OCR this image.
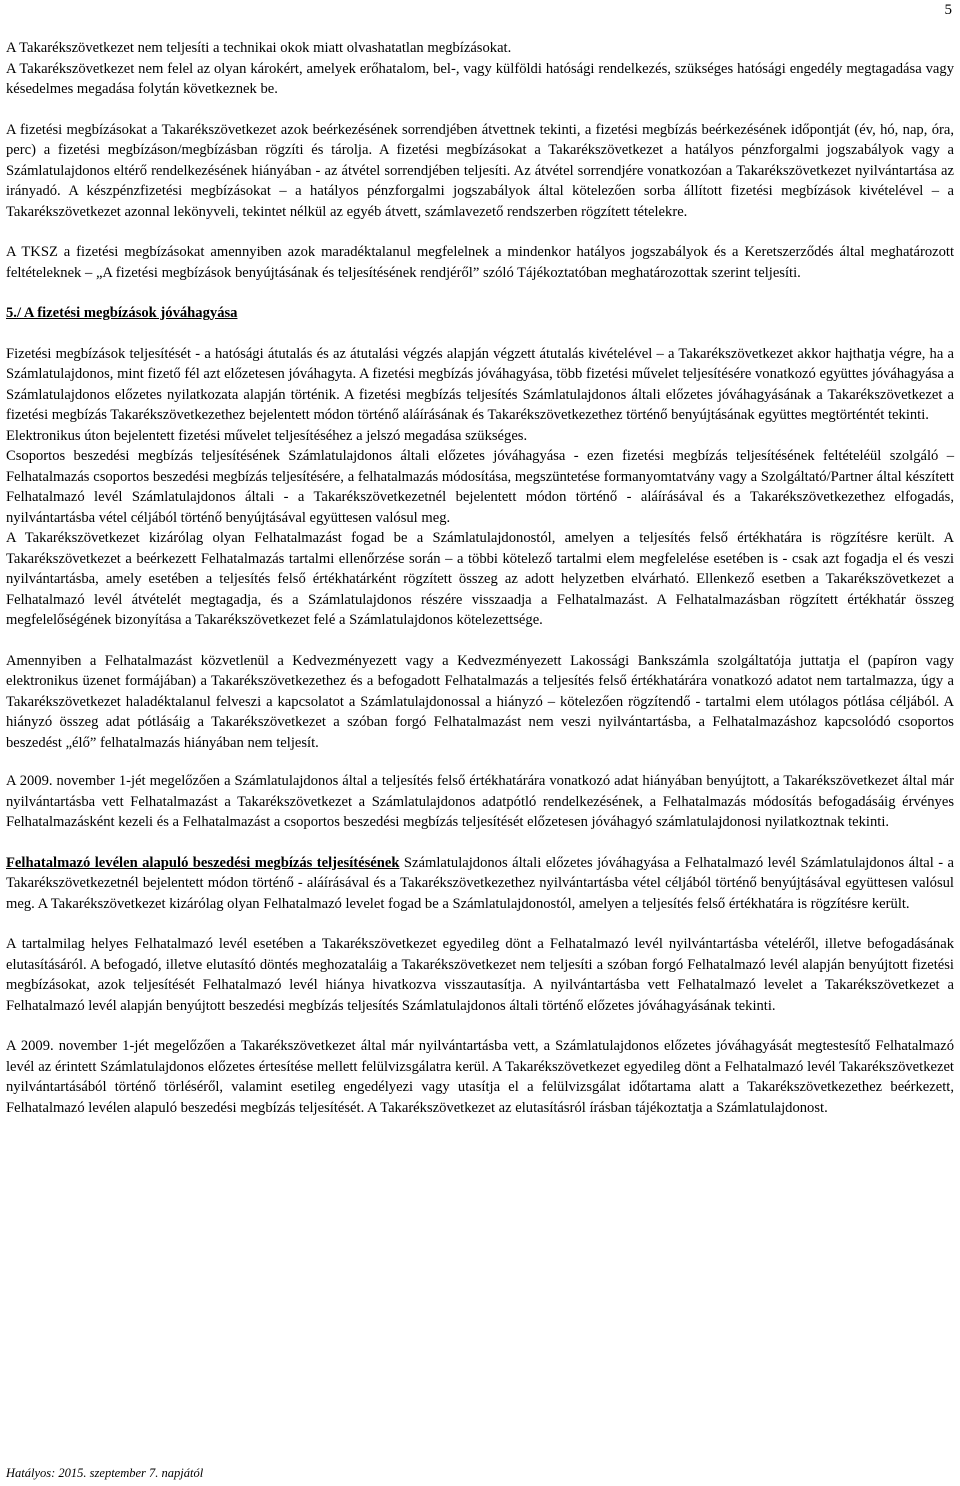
5

A Takarékszövetkezet nem teljesíti a technikai okok miatt olvashatatlan megbízásokat.

A Takarékszövetkezet nem felel az olyan károkért, amelyek erőhatalom, bel-, vagy külföldi hatósági rendelkezés, szükséges hatósági engedély megtagadása vagy késedelmes megadása folytán következnek be.

A fizetési megbízásokat a Takarékszövetkezet azok beérkezésének sorrendjében átvettnek tekinti, a fizetési megbízás beérkezésének időpontját (év, hó, nap, óra, perc) a fizetési megbízáson/megbízásban rögzíti és tárolja. A fizetési megbízásokat a Takarékszövetkezet a hatályos pénzforgalmi jogszabályok vagy a Számlatulajdonos eltérő rendelkezésének hiányában - az átvétel sorrendjében teljesíti. Az átvétel sorrendjére vonatkozóan a Takarékszövetkezet nyilvántartása az irányadó. A készpénzfizetési megbízásokat – a hatályos pénzforgalmi jogszabályok által kötelezően sorba állított fizetési megbízások kivételével – a Takarékszövetkezet azonnal lekönyveli, tekintet nélkül az egyéb átvett, számlavezető rendszerben rögzített tételekre.

A TKSZ a fizetési megbízásokat amennyiben azok maradéktalanul megfelelnek a mindenkor hatályos jogszabályok és a Keretszerződés által meghatározott feltételeknek – „A fizetési megbízások benyújtásának és teljesítésének rendjéről” szóló Tájékoztatóban meghatározottak szerint teljesíti.

5./ A fizetési megbízások jóváhagyása

Fizetési megbízások teljesítését - a hatósági átutalás és az átutalási végzés alapján végzett átutalás kivételével – a Takarékszövetkezet akkor hajthatja végre, ha a Számlatulajdonos, mint fizető fél azt előzetesen jóváhagyta. A fizetési megbízás jóváhagyása, több fizetési művelet teljesítésére vonatkozó együttes jóváhagyása a Számlatulajdonos előzetes nyilatkozata alapján történik. A fizetési megbízás teljesítés Számlatulajdonos általi előzetes jóváhagyásának a Takarékszövetkezet a fizetési megbízás Takarékszövetkezethez bejelentett módon történő aláírásának és Takarékszövetkezethez történő benyújtásának együttes megtörténtét tekinti.

Elektronikus úton bejelentett fizetési művelet teljesítéséhez a jelszó megadása szükséges.

Csoportos beszedési megbízás teljesítésének Számlatulajdonos általi előzetes jóváhagyása - ezen fizetési megbízás teljesítésének feltételéül szolgáló – Felhatalmazás csoportos beszedési megbízás teljesítésére, a felhatalmazás módosítása, megszüntetése formanyomtatvány vagy a Szolgáltató/Partner által készített Felhatalmazó levél Számlatulajdonos általi - a Takarékszövetkezetnél bejelentett módon történő - aláírásával és a Takarékszövetkezethez elfogadás, nyilvántartásba vétel céljából történő benyújtásával együttesen valósul meg.

A Takarékszövetkezet kizárólag olyan Felhatalmazást fogad be a Számlatulajdonostól, amelyen a teljesítés felső értékhatára is rögzítésre került. A Takarékszövetkezet a beérkezett Felhatalmazás tartalmi ellenőrzése során – a többi kötelező tartalmi elem megfelelése esetében is - csak azt fogadja el és veszi nyilvántartásba, amely esetében a teljesítés felső értékhatárként rögzített összeg az adott helyzetben elvárható. Ellenkező esetben a Takarékszövetkezet a Felhatalmazó levél átvételét megtagadja, és a Számlatulajdonos részére visszaadja a Felhatalmazást. A Felhatalmazásban rögzített értékhatár összeg megfelelőségének bizonyítása a Takarékszövetkezet felé a Számlatulajdonos kötelezettsége.

Amennyiben a Felhatalmazást közvetlenül a Kedvezményezett vagy a Kedvezményezett Lakossági Bankszámla szolgáltatója juttatja el (papíron vagy elektronikus üzenet formájában) a Takarékszövetkezethez és a befogadott Felhatalmazás a teljesítés felső értékhatárára vonatkozó adatot nem tartalmazza, úgy a Takarékszövetkezet haladéktalanul felveszi a kapcsolatot a Számlatulajdonossal a hiányzó – kötelezően rögzítendő - tartalmi elem utólagos pótlása céljából. A hiányzó összeg adat pótlásáig a Takarékszövetkezet a szóban forgó Felhatalmazást nem veszi nyilvántartásba, a Felhatalmazáshoz kapcsolódó csoportos beszedést „élő” felhatalmazás hiányában nem teljesít.

A 2009. november 1-jét megelőzően a Számlatulajdonos által a teljesítés felső értékhatárára vonatkozó adat hiányában benyújtott, a Takarékszövetkezet által már nyilvántartásba vett Felhatalmazást a Takarékszövetkezet a Számlatulajdonos adatpótló rendelkezésének, a Felhatalmazás módosítás befogadásáig érvényes Felhatalmazásként kezeli és a Felhatalmazást a csoportos beszedési megbízás teljesítését előzetesen jóváhagyó számlatulajdonosi nyilatkoztnak tekinti.

Felhatalmazó levélen alapuló beszedési megbízás teljesítésének Számlatulajdonos általi előzetes jóváhagyása a Felhatalmazó levél Számlatulajdonos által - a Takarékszövetkezetnél bejelentett módon történő - aláírásával és a Takarékszövetkezethez nyilvántartásba vétel céljából történő benyújtásával együttesen valósul meg. A Takarékszövetkezet kizárólag olyan Felhatalmazó levelet fogad be a Számlatulajdonostól, amelyen a teljesítés felső értékhatára is rögzítésre került.

A tartalmilag helyes Felhatalmazó levél esetében a Takarékszövetkezet egyedileg dönt a Felhatalmazó levél nyilvántartásba vételéről, illetve befogadásának elutasításáról. A befogadó, illetve elutasító döntés meghozataláig a Takarékszövetkezet nem teljesíti a szóban forgó Felhatalmazó levél alapján benyújtott fizetési megbízásokat, azok teljesítését Felhatalmazó levél hiánya hivatkozva visszautasítja. A nyilvántartásba vett Felhatalmazó levelet a Takarékszövetkezet a Felhatalmazó levél alapján benyújtott beszedési megbízás teljesítés Számlatulajdonos általi történő előzetes jóváhagyásának tekinti.

A 2009. november 1-jét megelőzően a Takarékszövetkezet által már nyilvántartásba vett, a Számlatulajdonos előzetes jóváhagyását megtestesítő Felhatalmazó levél az érintett Számlatulajdonos előzetes értesítése mellett felülvizsgálatra kerül. A Takarékszövetkezet egyedileg dönt a Felhatalmazó levél Takarékszövetkezet nyilvántartásából történő törléséről, valamint esetileg engedélyezi vagy utasítja el a felülvizsgálat időtartama alatt a Takarékszövetkezethez beérkezett, Felhatalmazó levélen alapuló beszedési megbízás teljesítését. A Takarékszövetkezet az elutasításról írásban tájékoztatja a Számlatulajdonost.

Hatályos: 2015. szeptember 7. napjától
